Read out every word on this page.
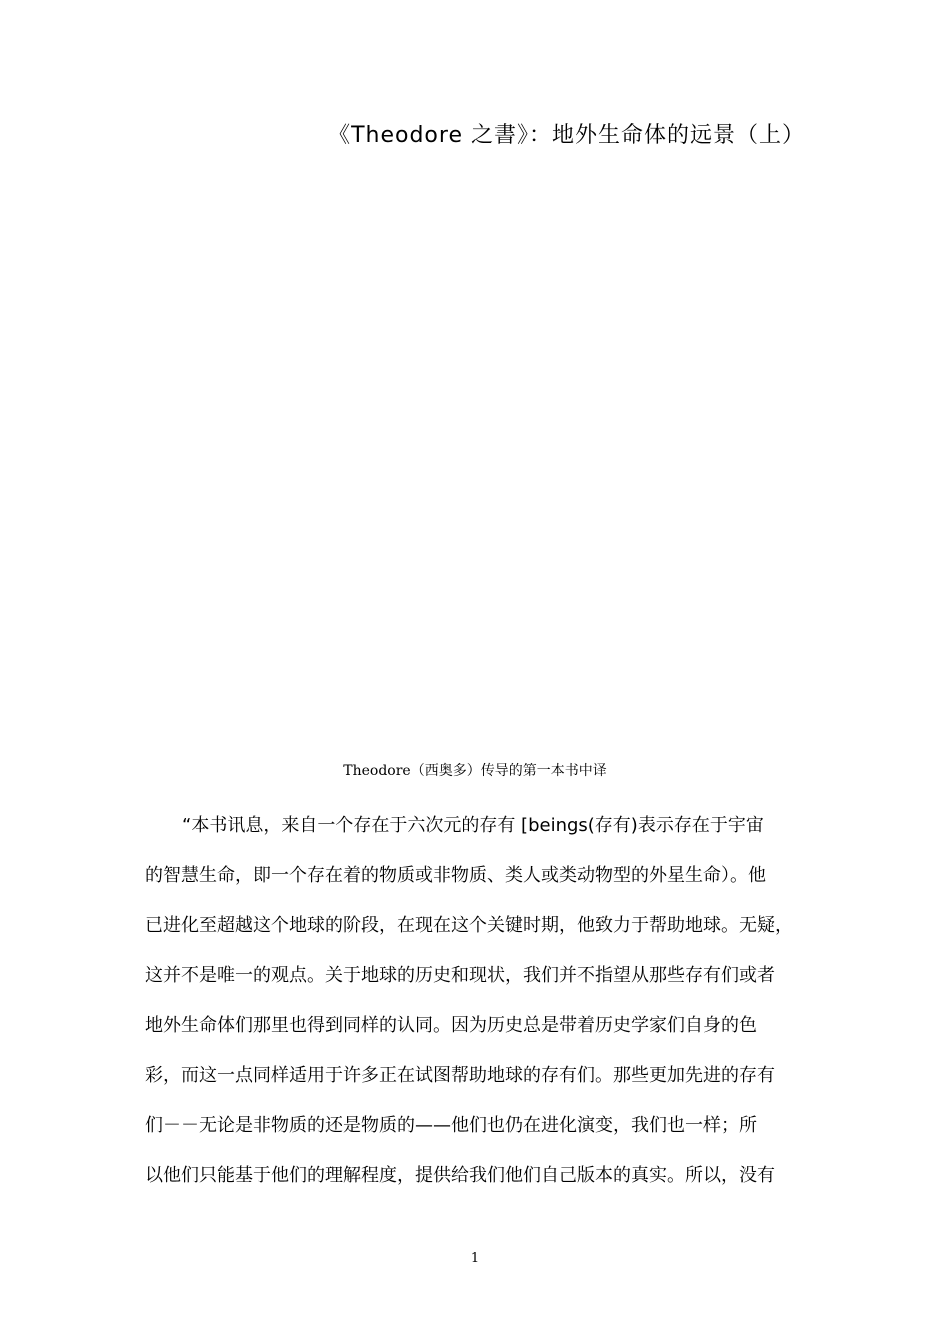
《Theodore 之書》：地外生命体的远景（上）
Theodore（西奥多）传导的第一本书中译
“本书讯息，来自一个存在于六次元的存有 [beings(存有)表示存在于宇宙
的智慧生命，即一个存在着的物质或非物质、类人或类动物型的外星生命）。他
已进化至超越这个地球的阶段，在现在这个关键时期，他致力于帮助地球。无疑，
这并不是唯一的观点。关于地球的历史和现状，我们并不指望从那些存有们或者
地外生命体们那里也得到同样的认同。因为历史总是带着历史学家们自身的色
彩，而这一点同样适用于许多正在试图帮助地球的存有们。那些更加先进的存有
们－－无论是非物质的还是物质的——他们也仍在进化演变，我们也一样；所
以他们只能基于他们的理解程度，提供给我们他们自己版本的真实。所以，没有
1
